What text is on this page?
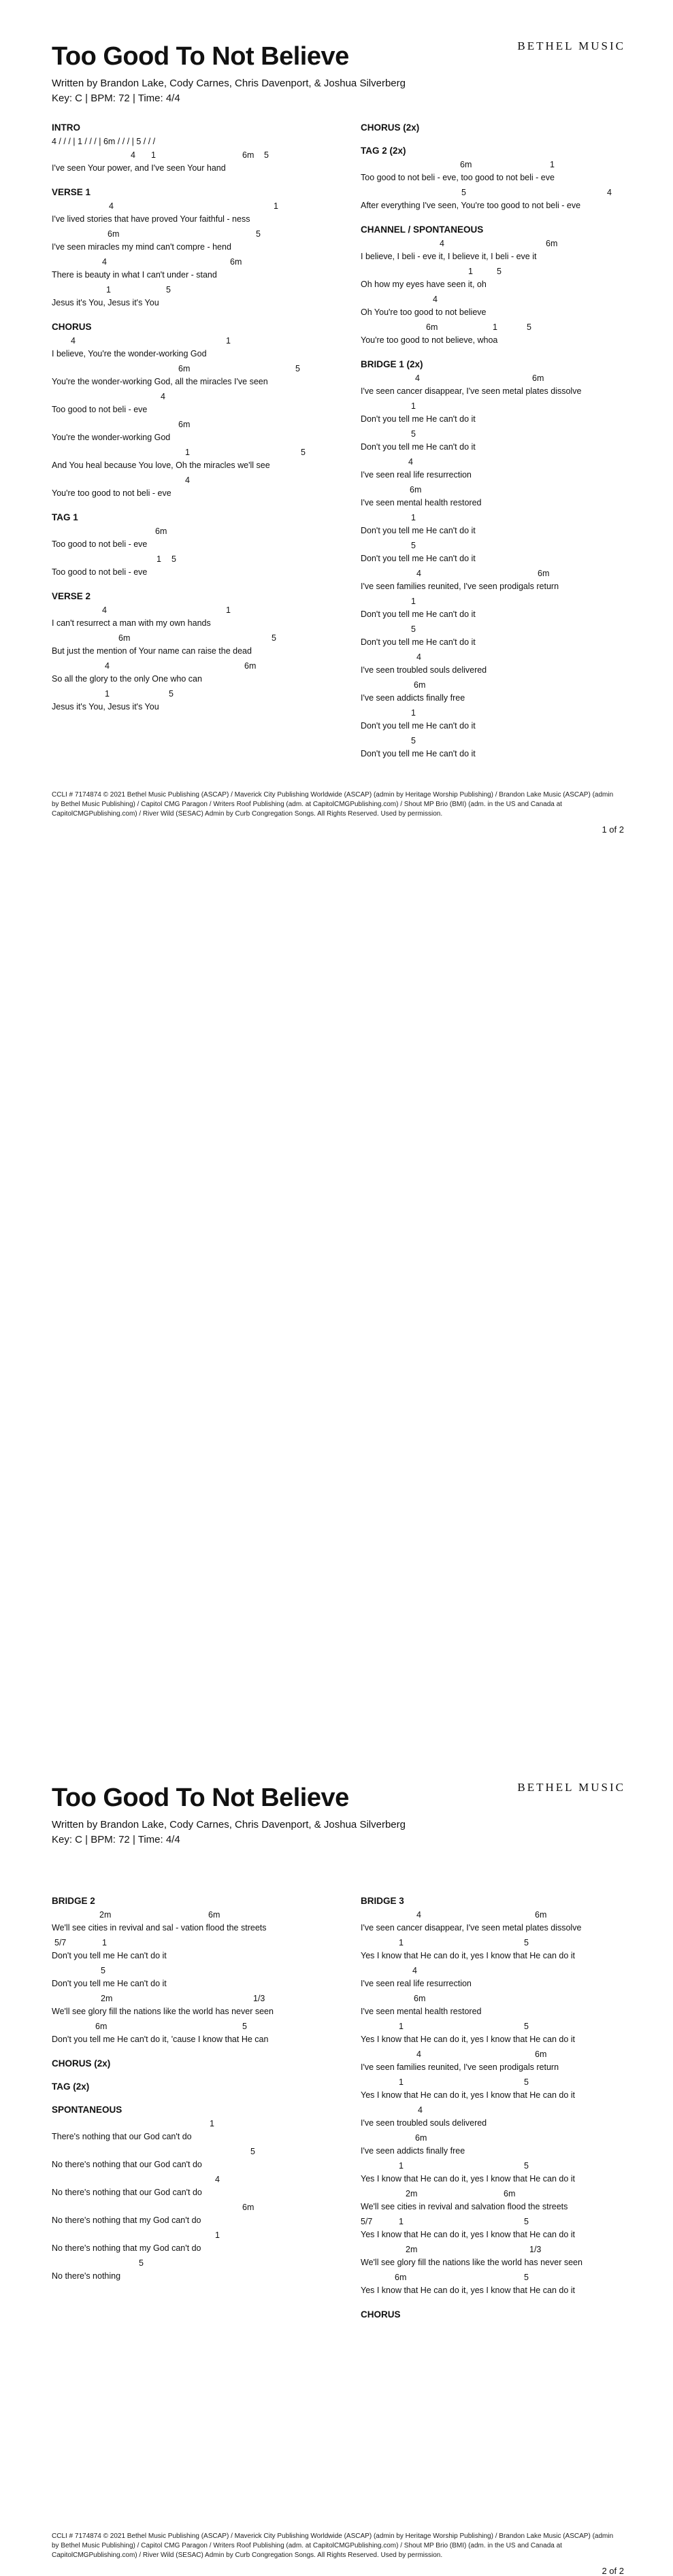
Too Good To Not Believe	BETHEL MUSIC
Written by Brandon Lake, Cody Carnes, Chris Davenport, & Joshua Silverberg
Key: C | BPM: 72 | Time: 4/4
INTRO
4 / / / | 1 / / / | 6m / / / | 5 / / /
4 1	6m 5
I've seen Your power, and I've seen Your hand
VERSE 1
4	1
I've lived stories that have proved Your faithful - ness
6m	5
I've seen miracles my mind can't compre - hend
4	6m
There is beauty in what I can't under - stand
1	5
Jesus it's You, Jesus it's You
CHORUS
4	1
I believe, You're the wonder-working God
6m	5
You're the wonder-working God, all the miracles I've seen
4
Too good to not beli - eve
6m
You're the wonder-working God
1	5
And You heal because You love, Oh the miracles we'll see
4
You're too good to not beli - eve
TAG 1
6m
Too good to not beli - eve
1 5
Too good to not beli - eve
VERSE 2
4	1
I can't resurrect a man with my own hands
6m	5
But just the mention of Your name can raise the dead
4	6m
So all the glory to the only One who can
1	5
Jesus it's You, Jesus it's You
CHORUS (2x)
TAG 2 (2x)
6m	1
Too good to not beli - eve, too good to not beli - eve
5	4
After everything I've seen, You're too good to not beli - eve
CHANNEL / SPONTANEOUS
4	6m
I believe, I beli - eve it, I believe it, I beli - eve it
1	5
Oh how my eyes have seen it, oh
4
Oh You're too good to not believe
6m	1	5
You're too good to not believe, whoa
BRIDGE 1 (2x)
4	6m
I've seen cancer disappear, I've seen metal plates dissolve
1
Don't you tell me He can't do it
5
Don't you tell me He can't do it
4
I've seen real life resurrection
6m
I've seen mental health restored
1
Don't you tell me He can't do it
5
Don't you tell me He can't do it
4	6m
I've seen families reunited, I've seen prodigals return
1
Don't you tell me He can't do it
5
Don't you tell me He can't do it
4
I've seen troubled souls delivered
6m
I've seen addicts finally free
1
Don't you tell me He can't do it
5
Don't you tell me He can't do it
CCLI # 7174874 © 2021 Bethel Music Publishing (ASCAP) / Maverick City Publishing Worldwide (ASCAP) (admin by Heritage Worship Publishing) / Brandon Lake Music (ASCAP) (admin by Bethel Music Publishing) / Capitol CMG Paragon / Writers Roof Publishing (adm. at CapitolCMGPublishing.com) / Shout MP Brio (BMI) (adm. in the US and Canada at CapitolCMGPublishing.com) / River Wild (SESAC) Admin by Curb Congregation Songs. All Rights Reserved. Used by permission.
1 of 2
Too Good To Not Believe	BETHEL MUSIC
Written by Brandon Lake, Cody Carnes, Chris Davenport, & Joshua Silverberg
Key: C | BPM: 72 | Time: 4/4
BRIDGE 2
2m	6m
We'll see cities in revival and sal - vation flood the streets
5/7	1
Don't you tell me He can't do it
5
Don't you tell me He can't do it
2m	1/3
We'll see glory fill the nations like the world has never seen
6m	5
Don't you tell me He can't do it, 'cause I know that He can
CHORUS (2x)
TAG (2x)
SPONTANEOUS
1
There's nothing that our God can't do
5
No there's nothing that our God can't do
4
No there's nothing that our God can't do
6m
No there's nothing that my God can't do
1
No there's nothing that my God can't do
5
No there's nothing
BRIDGE 3
4	6m
I've seen cancer disappear, I've seen metal plates dissolve
1	5
Yes I know that He can do it, yes I know that He can do it
4
I've seen real life resurrection
6m
I've seen mental health restored
1	5
Yes I know that He can do it, yes I know that He can do it
4	6m
I've seen families reunited, I've seen prodigals return
1	5
Yes I know that He can do it, yes I know that He can do it
4
I've seen troubled souls delivered
6m
I've seen addicts finally free
1	5
Yes I know that He can do it, yes I know that He can do it
2m	6m
We'll see cities in revival and salvation flood the streets
5/7	1	5
Yes I know that He can do it, yes I know that He can do it
2m	1/3
We'll see glory fill the nations like the world has never seen
6m	5
Yes I know that He can do it, yes I know that He can do it
CHORUS
CCLI # 7174874 © 2021 Bethel Music Publishing (ASCAP) / Maverick City Publishing Worldwide (ASCAP) (admin by Heritage Worship Publishing) / Brandon Lake Music (ASCAP) (admin by Bethel Music Publishing) / Capitol CMG Paragon / Writers Roof Publishing (adm. at CapitolCMGPublishing.com) / Shout MP Brio (BMI) (adm. in the US and Canada at CapitolCMGPublishing.com) / River Wild (SESAC) Admin by Curb Congregation Songs. All Rights Reserved. Used by permission.
2 of 2
